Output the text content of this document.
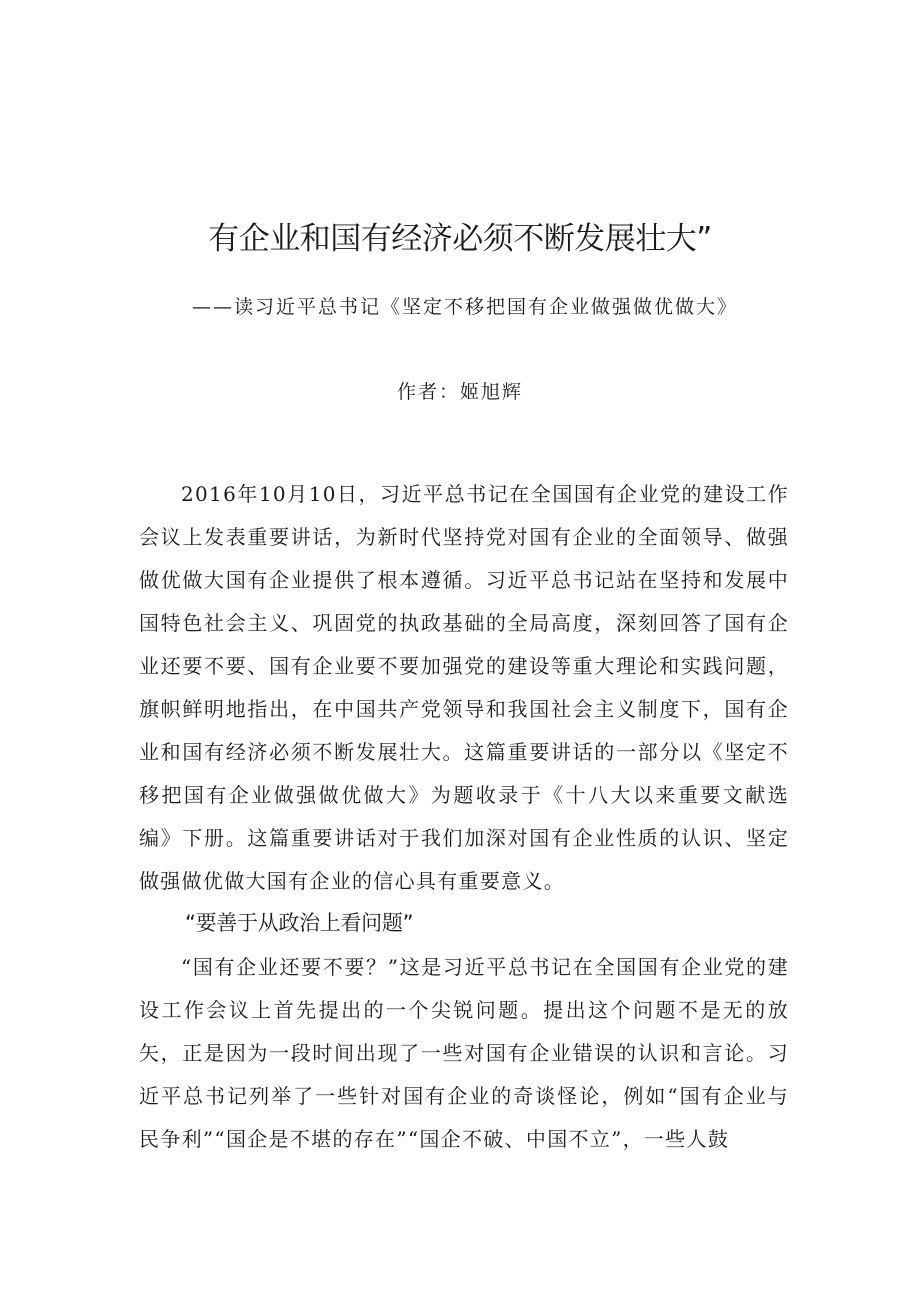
有企业和国有经济必须不断发展壮大”
——读习近平总书记《坚定不移把国有企业做强做优做大》
作者：姬旭辉

2016年10月10日，习近平总书记在全国国有企业党的建设工作会议上发表重要讲话，为新时代坚持党对国有企业的全面领导、做强做优做大国有企业提供了根本遵循。习近平总书记站在坚持和发展中国特色社会主义、巩固党的执政基础的全局高度，深刻回答了国有企业还要不要、国有企业要不要加强党的建设等重大理论和实践问题，旗帜鲜明地指出，在中国共产党领导和我国社会主义制度下，国有企业和国有经济必须不断发展壮大。这篇重要讲话的一部分以《坚定不移把国有企业做强做优做大》为题收录于《十八大以来重要文献选编》下册。这篇重要讲话对于我们加深对国有企业性质的认识、坚定做强做优做大国有企业的信心具有重要意义。

“要善于从政治上看问题”

“国有企业还要不要？”这是习近平总书记在全国国有企业党的建设工作会议上首先提出的一个尖锐问题。提出这个问题不是无的放矢，正是因为一段时间出现了一些对国有企业错误的认识和言论。习近平总书记列举了一些针对国有企业的奇谈怪论，例如“国有企业与民争利”“国企是不堪的存在”“国企不破、中国不立”，一些人鼓
